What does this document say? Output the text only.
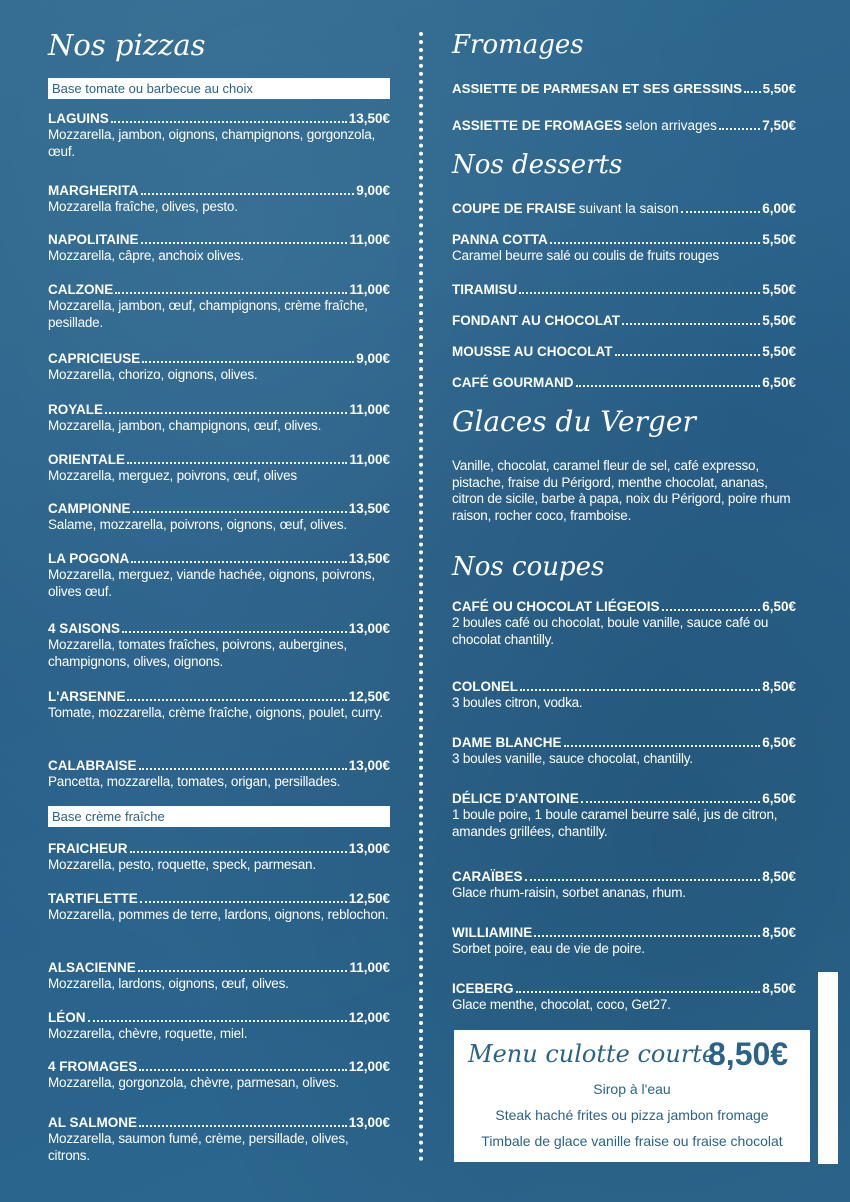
Nos pizzas
Base tomate ou barbecue au choix
LAGUINS	13,50€
Mozzarella, jambon, oignons, champignons, gorgonzola, œuf.
MARGHERITA	9,00€
Mozzarella fraîche, olives, pesto.
NAPOLITAINE	11,00€
Mozzarella, câpre, anchoix olives.
CALZONE	11,00€
Mozzarella, jambon, œuf, champignons, crème fraîche, pesillade.
CAPRICIEUSE	9,00€
Mozzarella, chorizo, oignons, olives.
ROYALE	11,00€
Mozzarella, jambon, champignons, œuf, olives.
ORIENTALE	11,00€
Mozzarella, merguez, poivrons, œuf, olives
CAMPIONNE	13,50€
Salame, mozzarella, poivrons, oignons, œuf, olives.
LA POGONA	13,50€
Mozzarella, merguez, viande hachée, oignons, poivrons, olives œuf.
4 SAISONS	13,00€
Mozzarella, tomates fraîches, poivrons, aubergines, champignons, olives, oignons.
L'ARSENNE	12,50€
Tomate, mozzarella, crème fraîche, oignons, poulet, curry.
CALABRAISE	13,00€
Pancetta, mozzarella, tomates, origan, persillades.
Base crème fraîche
FRAICHEUR	13,00€
Mozzarella, pesto, roquette, speck, parmesan.
TARTIFLETTE	12,50€
Mozzarella, pommes de terre, lardons, oignons, reblochon.
ALSACIENNE	11,00€
Mozzarella, lardons, oignons, œuf, olives.
LÉON	12,00€
Mozzarella, chèvre, roquette, miel.
4 FROMAGES	12,00€
Mozzarella, gorgonzola, chèvre, parmesan, olives.
AL SALMONE	13,00€
Mozzarella, saumon fumé, crème, persillade, olives, citrons.
Fromages
ASSIETTE DE PARMESAN ET SES GRESSINS 5,50€
ASSIETTE DE FROMAGES selon arrivages	7,50€
Nos desserts
COUPE DE FRAISE suivant la saison	6,00€
PANNA COTTA	5,50€
Caramel beurre salé ou coulis de fruits rouges
TIRAMISU	5,50€
FONDANT AU CHOCOLAT	5,50€
MOUSSE AU CHOCOLAT	5,50€
CAFÉ GOURMAND	6,50€
Glaces du Verger
Vanille, chocolat, caramel fleur de sel, café expresso, pistache, fraise du Périgord, menthe chocolat, ananas, citron de sicile, barbe à papa, noix du Périgord, poire rhum raison, rocher coco, framboise.
Nos coupes
CAFÉ OU CHOCOLAT LIÉGEOIS	6,50€
2 boules café ou chocolat, boule vanille, sauce café ou chocolat chantilly.
COLONEL	8,50€
3 boules citron, vodka.
DAME BLANCHE	6,50€
3 boules vanille, sauce chocolat, chantilly.
DÉLICE D'ANTOINE	6,50€
1 boule poire, 1 boule caramel beurre salé, jus de citron, amandes grillées, chantilly.
CARAÏBES	8,50€
Glace rhum-raisin, sorbet ananas, rhum.
WILLIAMINE	8,50€
Sorbet poire, eau de vie de poire.
ICEBERG	8,50€
Glace menthe, chocolat, coco, Get27.
Menu culotte courte
8,50€
Sirop à l'eau
Steak haché frites ou pizza jambon fromage
Timbale de glace vanille fraise ou fraise chocolat
